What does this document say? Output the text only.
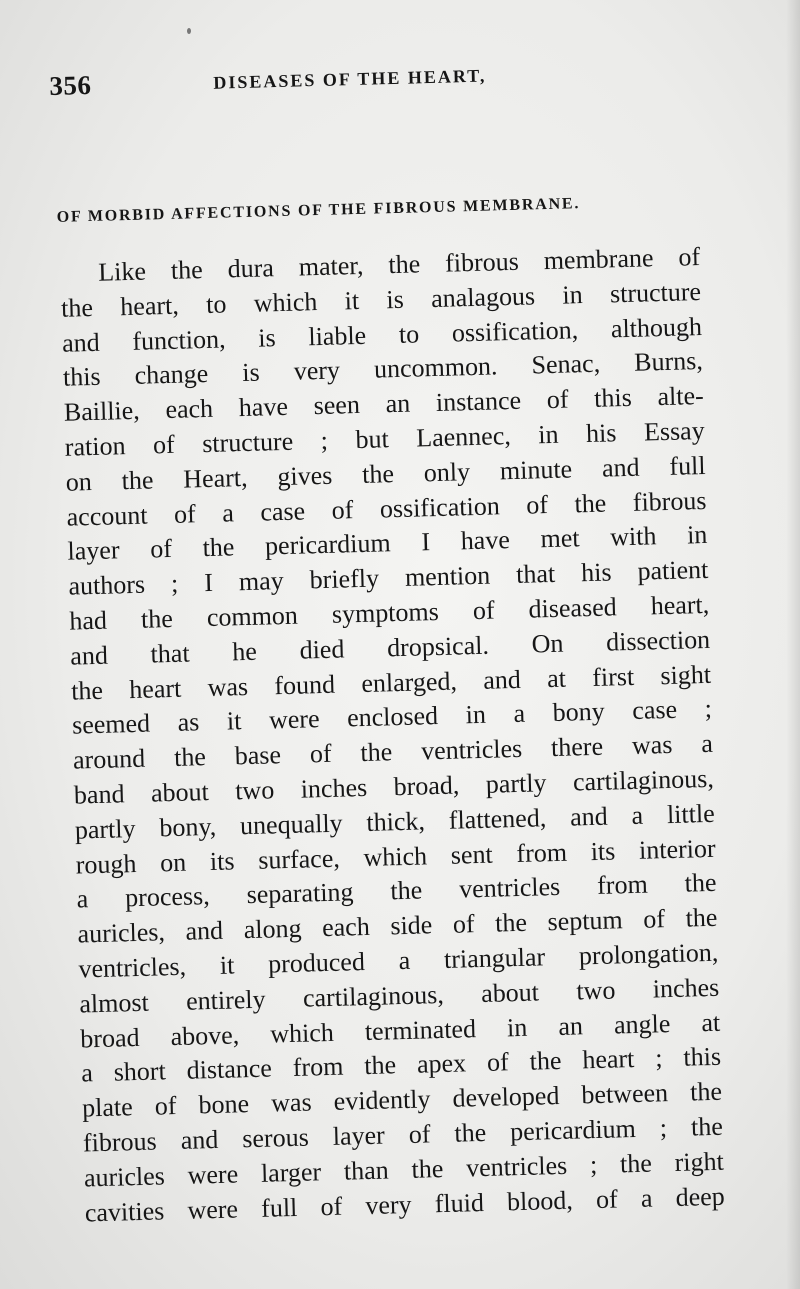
356	DISEASES OF THE HEART,
OF MORBID AFFECTIONS OF THE FIBROUS MEMBRANE.
Like the dura mater, the fibrous membrane of
the heart, to which it is analagous in structure
and function, is liable to ossification, although
this change is very uncommon. Senac, Burns,
Baillie, each have seen an instance of this alte-
ration of structure ; but Laennec, in his Essay
on the Heart, gives the only minute and full
account of a case of ossification of the fibrous
layer of the pericardium I have met with in
authors ; I may briefly mention that his patient
had the common symptoms of diseased heart,
and that he died dropsical. On dissection
the heart was found enlarged, and at first sight
seemed as it were enclosed in a bony case ;
around the base of the ventricles there was a
band about two inches broad, partly cartilaginous,
partly bony, unequally thick, flattened, and a little
rough on its surface, which sent from its interior
a process, separating the ventricles from the
auricles, and along each side of the septum of the
ventricles, it produced a triangular prolongation,
almost entirely cartilaginous, about two inches
broad above, which terminated in an angle at
a short distance from the apex of the heart ; this
plate of bone was evidently developed between the
fibrous and serous layer of the pericardium ; the
auricles were larger than the ventricles ; the right
cavities were full of very fluid blood, of a deep
